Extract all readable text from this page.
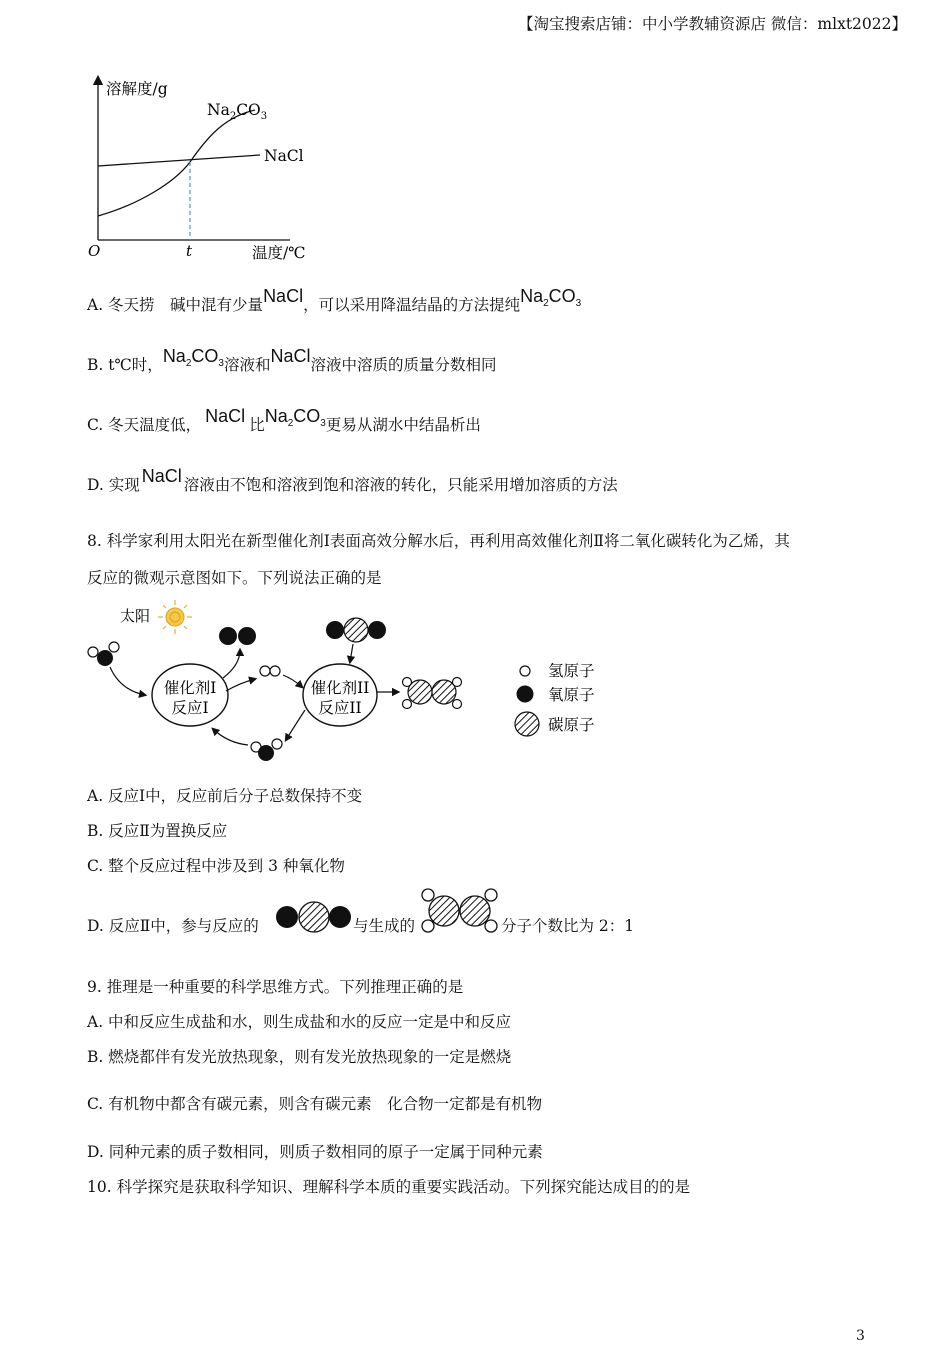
【淘宝搜索店铺：中小学教辅资源店 微信：mlxt2022】
溶解度/g
温度/℃
O	t
$Na_2CO_3$
NaCl
A. 冬天捞　碱中混有少量NaCl，可以采用降温结晶的方法提纯$Na_2CO_3$
B. t℃时，$Na_2CO_3$溶液和NaCl溶液中溶质的质量分数相同
C. 冬天温度低， NaCl 比$Na_2CO_3$更易从湖水中结晶析出
D. 实现 NaCl 溶液由不饱和溶液到饱和溶液的转化，只能采用增加溶质的方法
8. 科学家利用太阳光在新型催化剂Ⅰ表面高效分解水后，再利用高效催化剂Ⅱ将二氧化碳转化为乙烯，其
反应的微观示意图如下。下列说法正确的是
太阳
催化剂I
反应I
催化剂II
反应II
氢原子
氧原子
碳原子
A. 反应Ⅰ中，反应前后分子总数保持不变
B. 反应Ⅱ为置换反应
C. 整个反应过程中涉及到 3 种氧化物
D. 反应Ⅱ中，参与反应的	与生成的	分子个数比为 2：1
9. 推理是一种重要的科学思维方式。下列推理正确的是
A. 中和反应生成盐和水，则生成盐和水的反应一定是中和反应
B. 燃烧都伴有发光放热现象，则有发光放热现象的一定是燃烧
C. 有机物中都含有碳元素，则含有碳元素　化合物一定都是有机物
D. 同种元素的质子数相同，则质子数相同的原子一定属于同种元素
10. 科学探究是获取科学知识、理解科学本质的重要实践活动。下列探究能达成目的的是
3
